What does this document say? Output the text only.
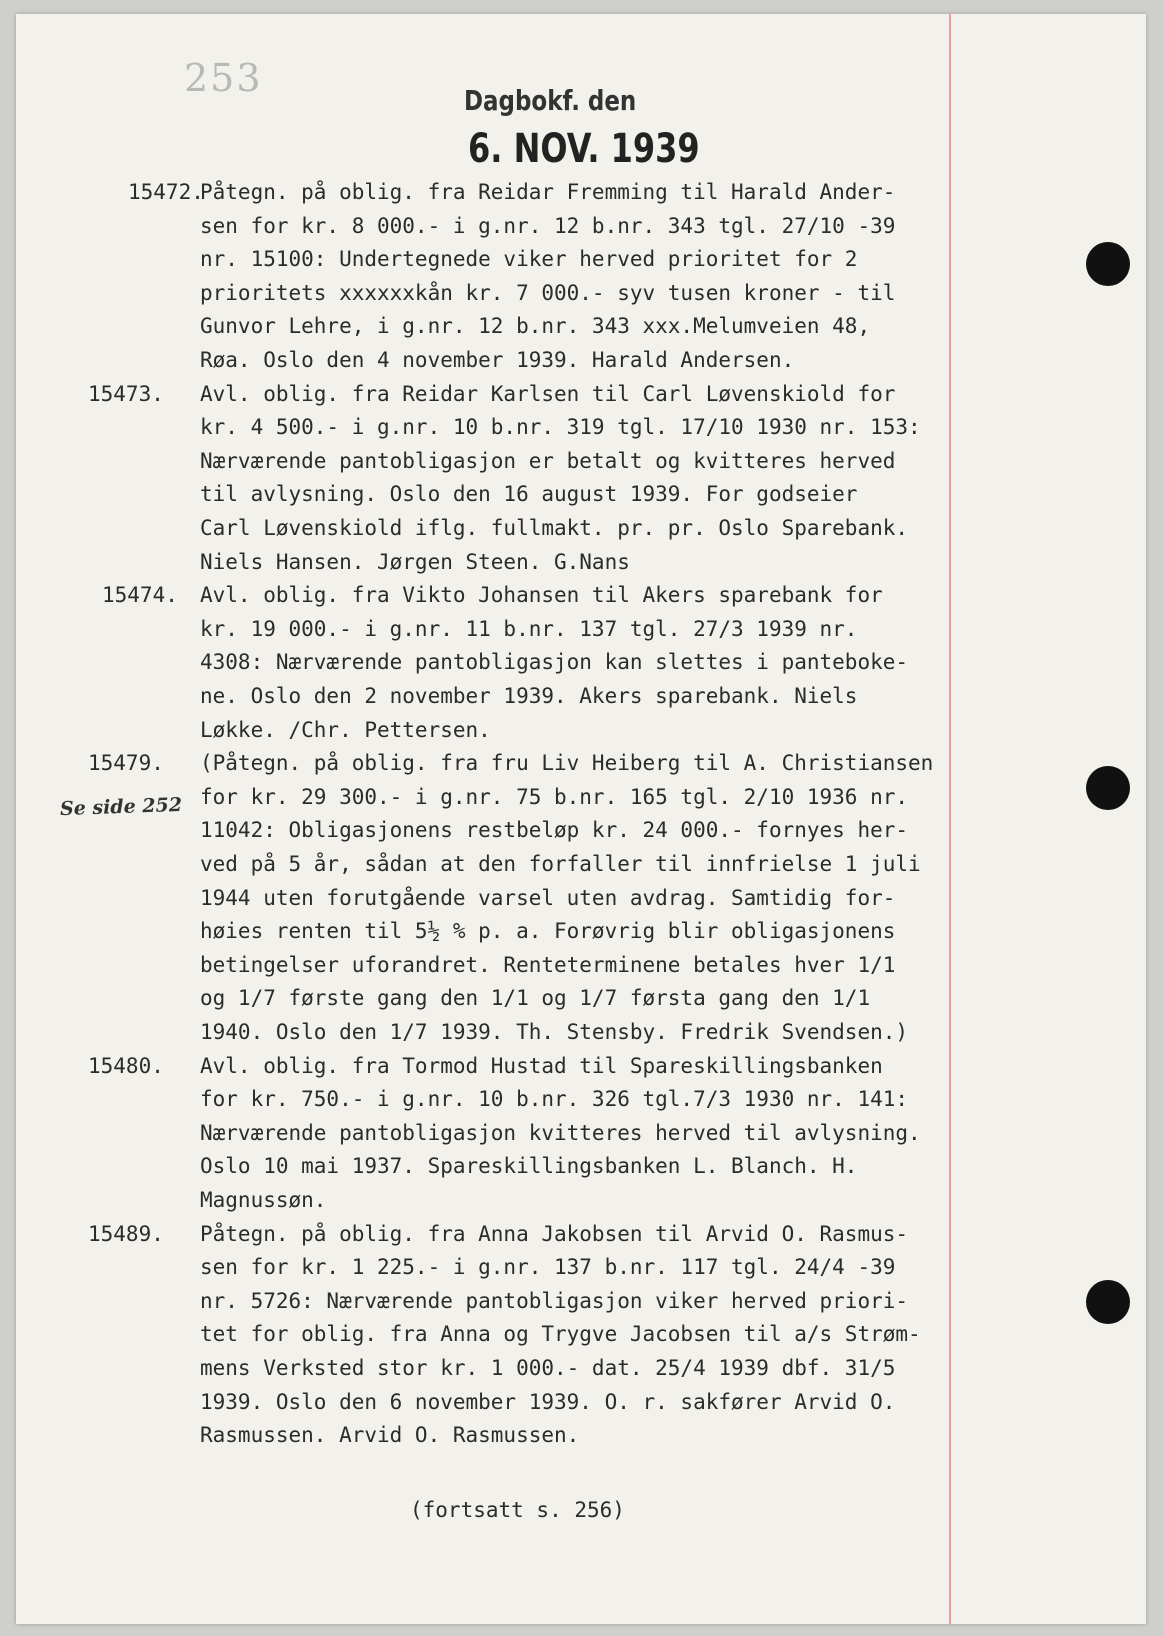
253
Dagbokf. den
6. NOV. 1939
Se side 252
15472.
Påtegn. på oblig. fra Reidar Fremming til Harald Ander-
sen for kr. 8 000.- i g.nr. 12 b.nr. 343 tgl. 27/10 -39
nr. 15100: Undertegnede viker herved prioritet for 2
prioritets xxxxxxkån kr. 7 000.- syv tusen kroner - til
Gunvor Lehre, i g.nr. 12 b.nr. 343 xxx.Melumveien 48,
Røa. Oslo den 4 november 1939. Harald Andersen.
15473. Avl. oblig. fra Reidar Karlsen til Carl Løvenskiold for
kr. 4 500.- i g.nr. 10 b.nr. 319 tgl. 17/10 1930 nr. 153:
Nærværende pantobligasjon er betalt og kvitteres herved
til avlysning. Oslo den 16 august 1939. For godseier
Carl Løvenskiold iflg. fullmakt. pr. pr. Oslo Sparebank.
Niels Hansen. Jørgen Steen. G.Nans
15474. Avl. oblig. fra Vikto Johansen til Akers sparebank for
kr. 19 000.- i g.nr. 11 b.nr. 137 tgl. 27/3 1939 nr.
4308: Nærværende pantobligasjon kan slettes i panteboke-
ne. Oslo den 2 november 1939. Akers sparebank. Niels
Løkke. /Chr. Pettersen.
15479. (Påtegn. på oblig. fra fru Liv Heiberg til A. Christiansen
for kr. 29 300.- i g.nr. 75 b.nr. 165 tgl. 2/10 1936 nr.
11042: Obligasjonens restbeløp kr. 24 000.- fornyes her-
ved på 5 år, sådan at den forfaller til innfrielse 1 juli
1944 uten forutgående varsel uten avdrag. Samtidig for-
høies renten til 5½ % p. a. Forøvrig blir obligasjonens
betingelser uforandret. Renteterminene betales hver 1/1
og 1/7 første gang den 1/1 og 1/7 førsta gang den 1/1
1940. Oslo den 1/7 1939. Th. Stensby. Fredrik Svendsen.)
15480. Avl. oblig. fra Tormod Hustad til Spareskillingsbanken
for kr. 750.- i g.nr. 10 b.nr. 326 tgl.7/3 1930 nr. 141:
Nærværende pantobligasjon kvitteres herved til avlysning.
Oslo 10 mai 1937. Spareskillingsbanken L. Blanch. H.
Magnussøn.
15489. Påtegn. på oblig. fra Anna Jakobsen til Arvid O. Rasmus-
sen for kr. 1 225.- i g.nr. 137 b.nr. 117 tgl. 24/4 -39
nr. 5726: Nærværende pantobligasjon viker herved priori-
tet for oblig. fra Anna og Trygve Jacobsen til a/s Strøm-
mens Verksted stor kr. 1 000.- dat. 25/4 1939 dbf. 31/5
1939. Oslo den 6 november 1939. O. r. sakfører Arvid O.
Rasmussen. Arvid O. Rasmussen.
(fortsatt s. 256)
